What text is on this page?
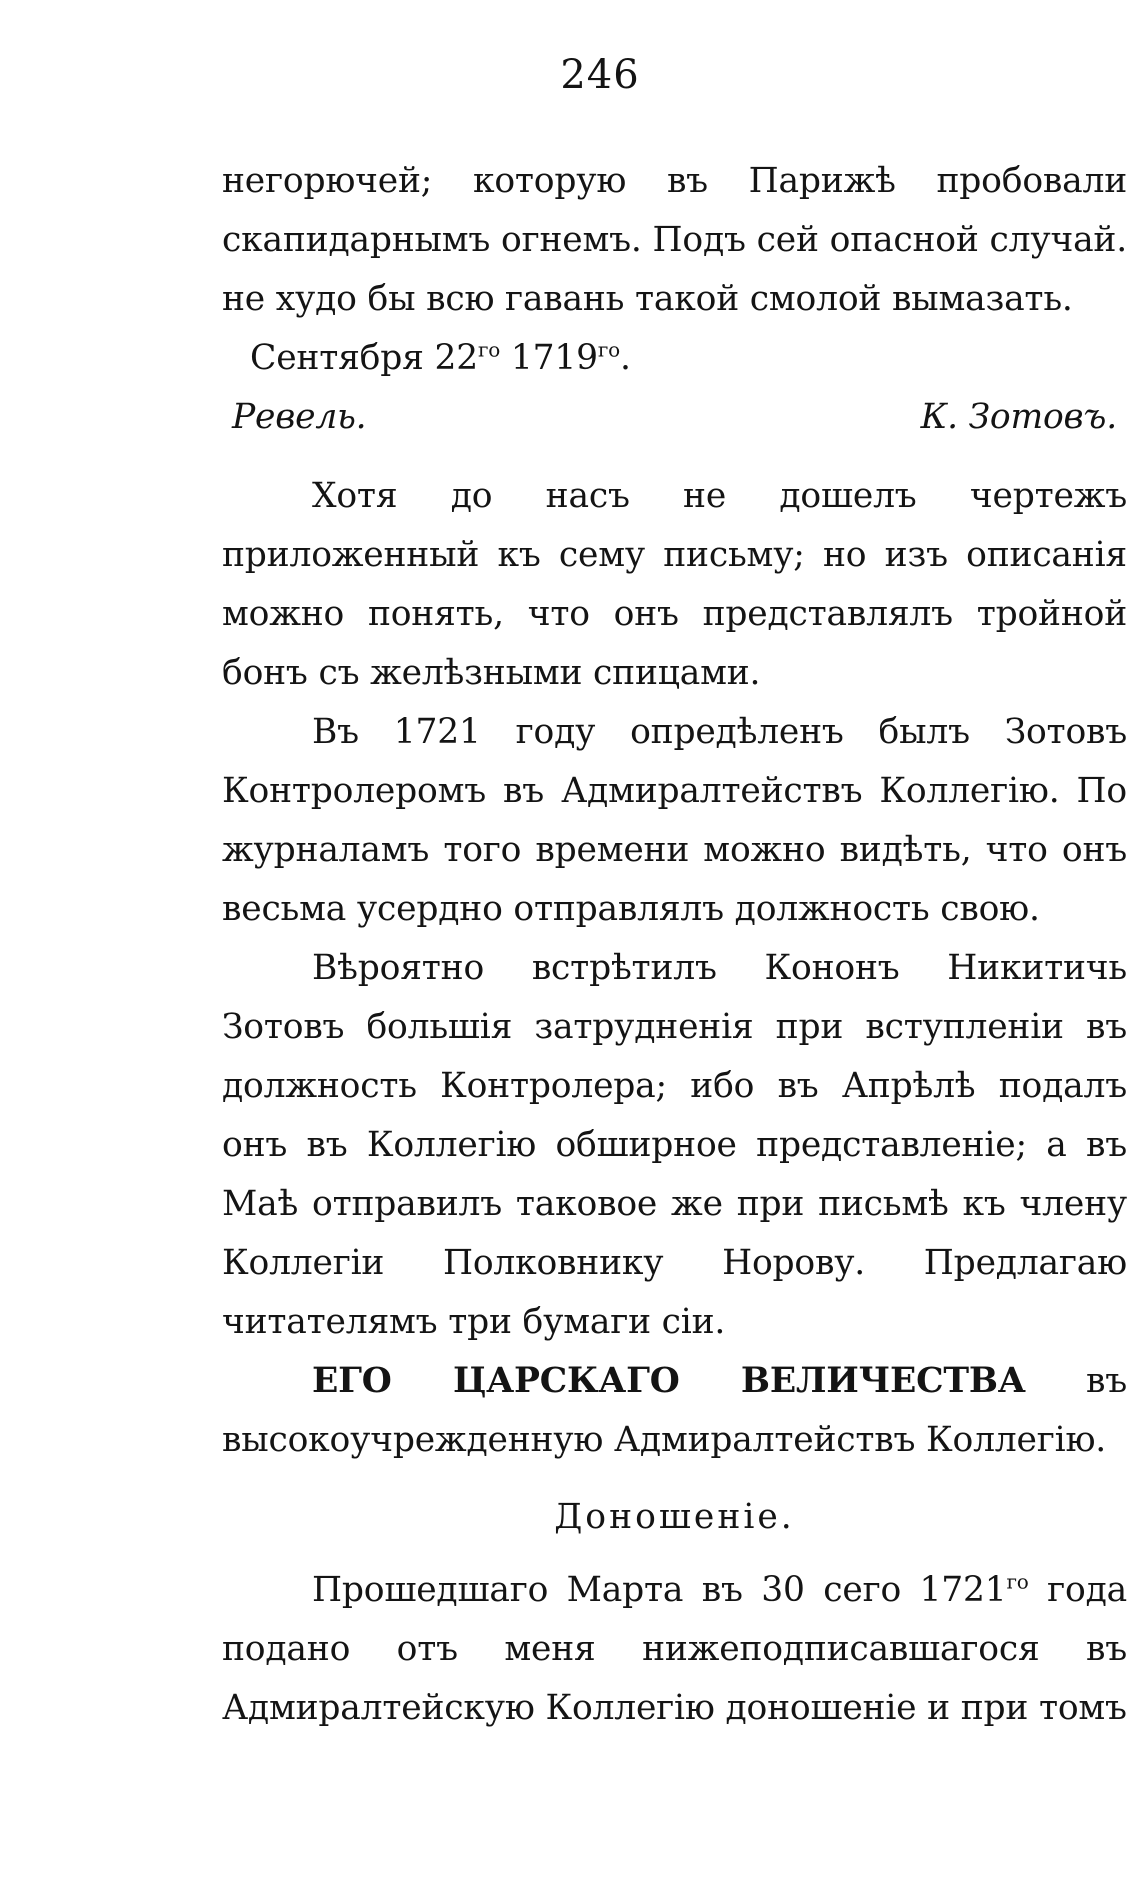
246

негорючей; которую въ Парижѣ пробовали скапидарнымъ огнемъ. Подъ сей опасной случай. не худо бы всю гавань такой смолой вымазать.

Сентября $22^{го}$ $1719^{го}$.

Ревель.	К. Зотовъ.

Хотя до насъ не дошелъ чертежъ приложенный къ сему письму; но изъ описанія можно понять, что онъ представлялъ тройной бонъ съ желѣзными спицами.

Въ 1721 году опредѣленъ былъ Зотовъ Контролеромъ въ Адмиралтействъ Коллегію. По журналамъ того времени можно видѣть, что онъ весьма усердно отправлялъ должность свою.

Вѣроятно встрѣтилъ Кононъ Никитичь Зотовъ большія затрудненія при вступленіи въ должность Контролера; ибо въ Апрѣлѣ подалъ онъ въ Коллегію обширное представленіе; а въ Маѣ отправилъ таковое же при письмѣ къ члену Коллегіи Полковнику Норову. Предлагаю читателямъ три бумаги сіи.

ЕГО ЦАРСКАГО ВЕЛИЧЕСТВА въ высокоучрежденную Адмиралтействъ Коллегію.

Доношеніе.

Прошедшаго Марта въ 30 сего $1721^{го}$ года подано отъ меня нижеподписавшагося въ Адмиралтейскую Коллегію доношеніе и при томъ
